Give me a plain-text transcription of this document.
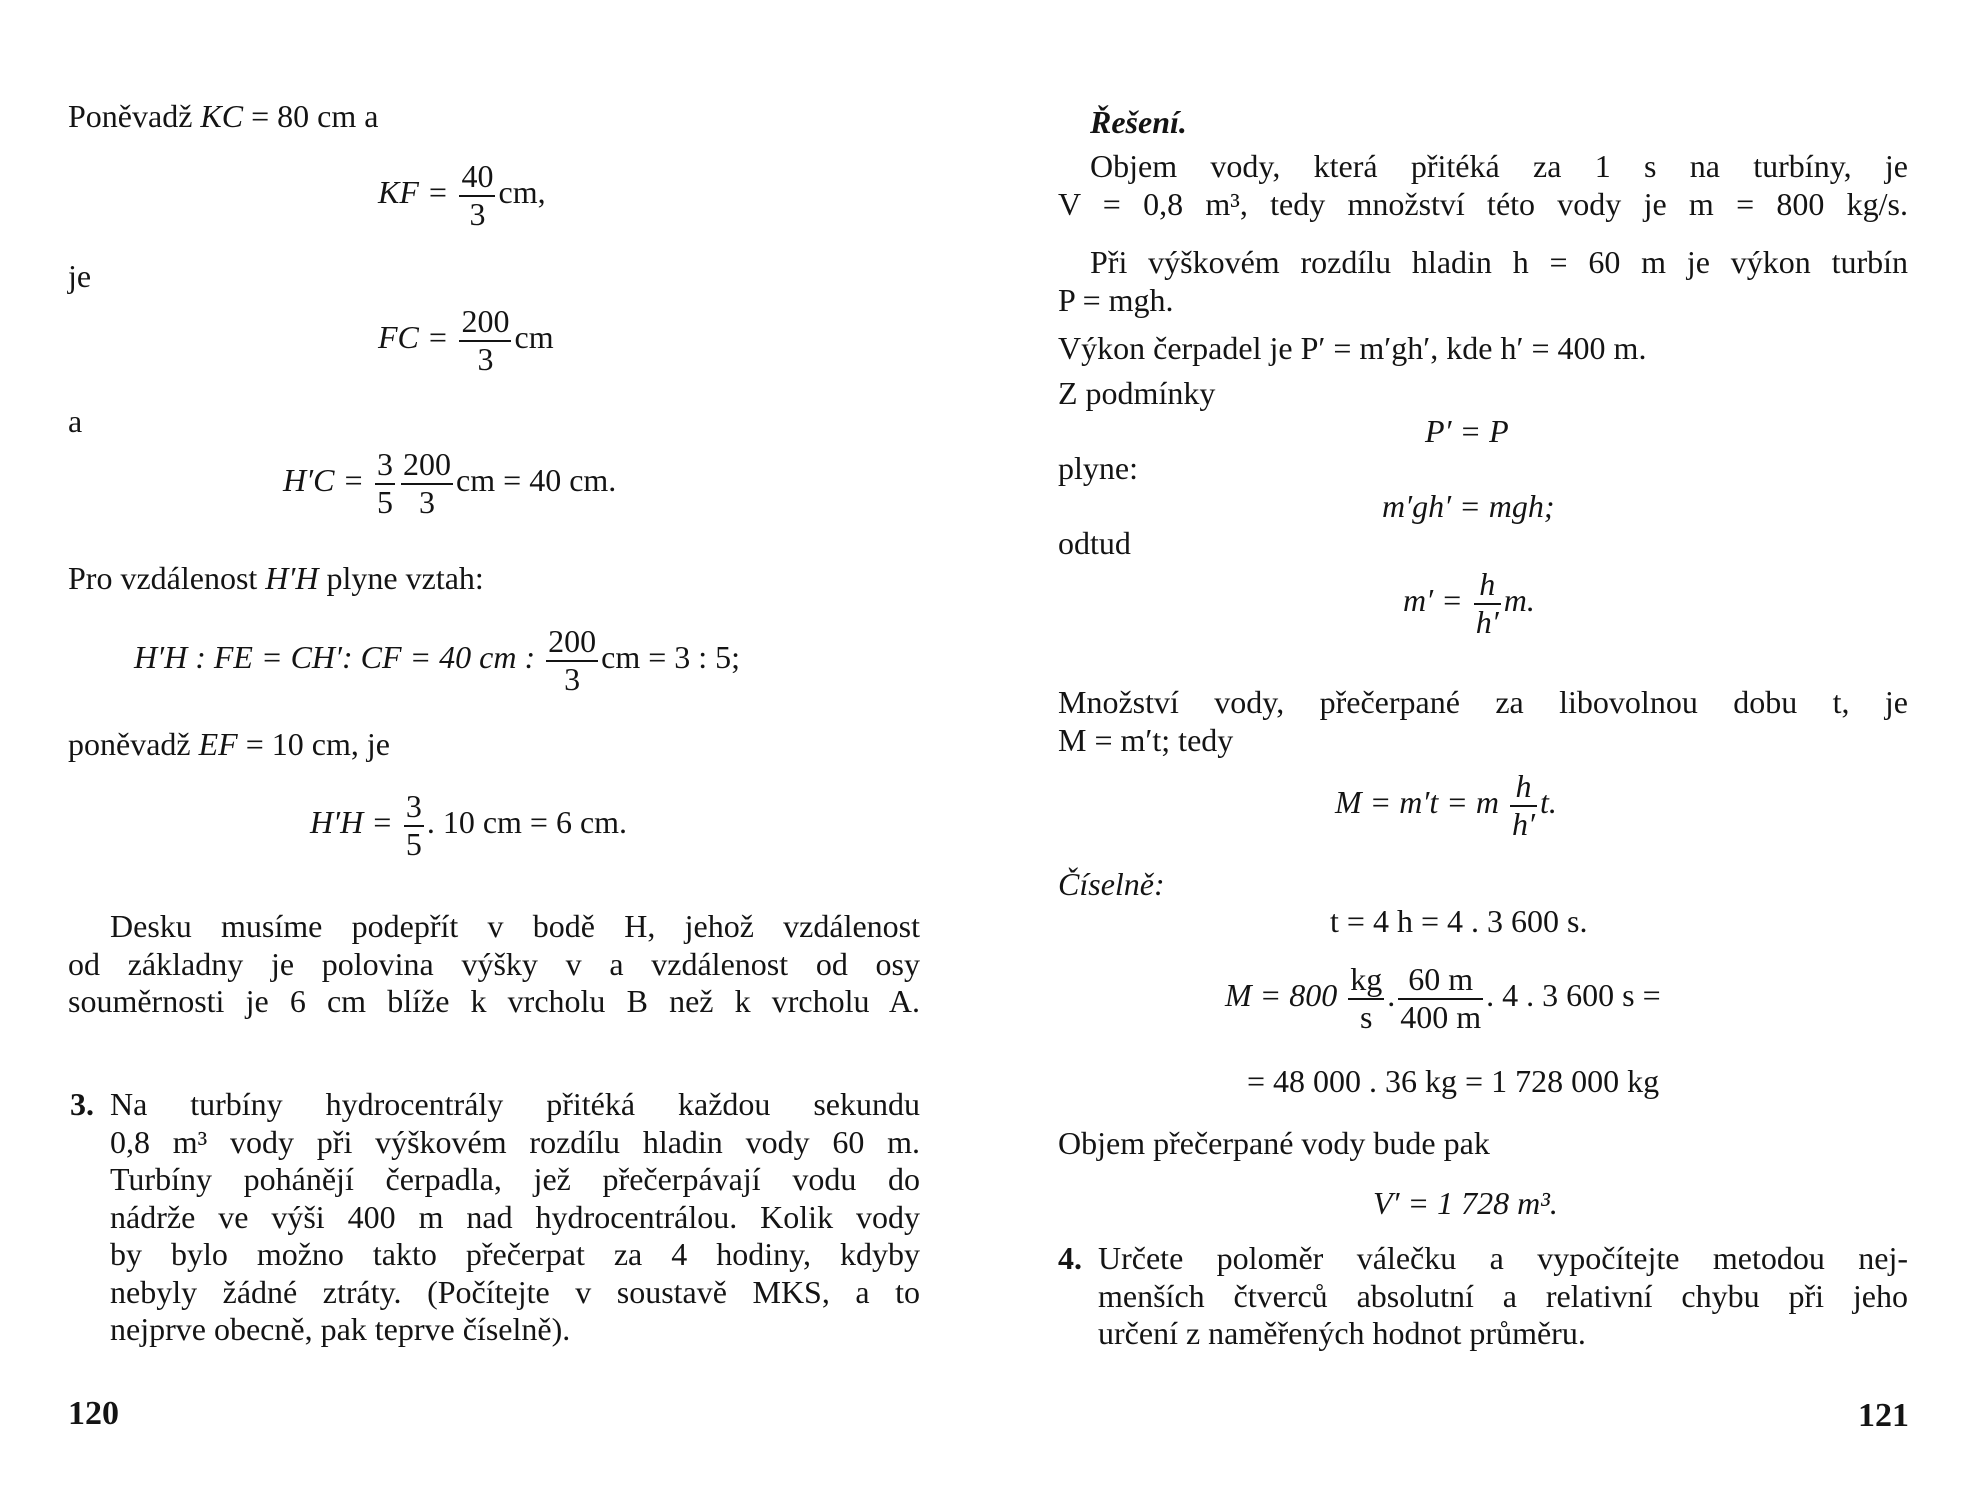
Poněvadž KC = 80 cm a
KF = $\frac{40}{3}$ cm,
je
FC = $\frac{200}{3}$ cm
a
$H'C = \frac{3}{5} \frac{200}{3}$ cm = 40 cm.
Pro vzdálenost H′H plyne vztah:
H′H : FE = CH′: CF = 40 cm : $\frac{200}{3}$ cm = 3 : 5;
poněvadž EF = 10 cm, je
$H'H = \frac{3}{5}$ . 10 cm = 6 cm.
Desku musíme podepřít v bodě H, jehož vzdálenost
od základny je polovina výšky v a vzdálenost od osy
souměrnosti je 6 cm blíže k vrcholu B než k vrcholu A.
3. Na turbíny hydrocentrály přitéká každou sekundu
0,8 m³ vody při výškovém rozdílu hladin vody 60 m.
Turbíny pohánějí čerpadla, jež přečerpávají vodu do
nádrže ve výši 400 m nad hydrocentrálou. Kolik vody
by bylo možno takto přečerpat za 4 hodiny, kdyby
nebyly žádné ztráty. (Počítejte v soustavě MKS, a to
nejprve obecně, pak teprve číselně).
120
Řešení.
Objem vody, která přitéká za 1 s na turbíny, je
V = 0,8 m³, tedy množství této vody je m = 800 kg/s.
Při výškovém rozdílu hladin h = 60 m je výkon turbín
P = mgh.
Výkon čerpadel je P′ = m′gh′, kde h′ = 400 m.
Z podmínky
P′ = P
plyne:
m′gh′ = mgh;
odtud
$m' = \frac{h}{h'} m$.
Množství vody, přečerpané za libovolnou dobu t, je
M = m′t; tedy
M = m′t = m $\frac{h}{h'} t$.
Číselně:
t = 4 h = 4 . 3 600 s.
$M = 800 \frac{kg}{s}$ . $\frac{60 m}{400 m}$ . 4 . 3 600 s =
= 48 000 . 36 kg = 1 728 000 kg
Objem přečerpané vody bude pak
V′ = 1 728 m³.
4. Určete poloměr válečku a vypočítejte metodou nej-
menších čtverců absolutní a relativní chybu při jeho
určení z naměřených hodnot průměru.
121
